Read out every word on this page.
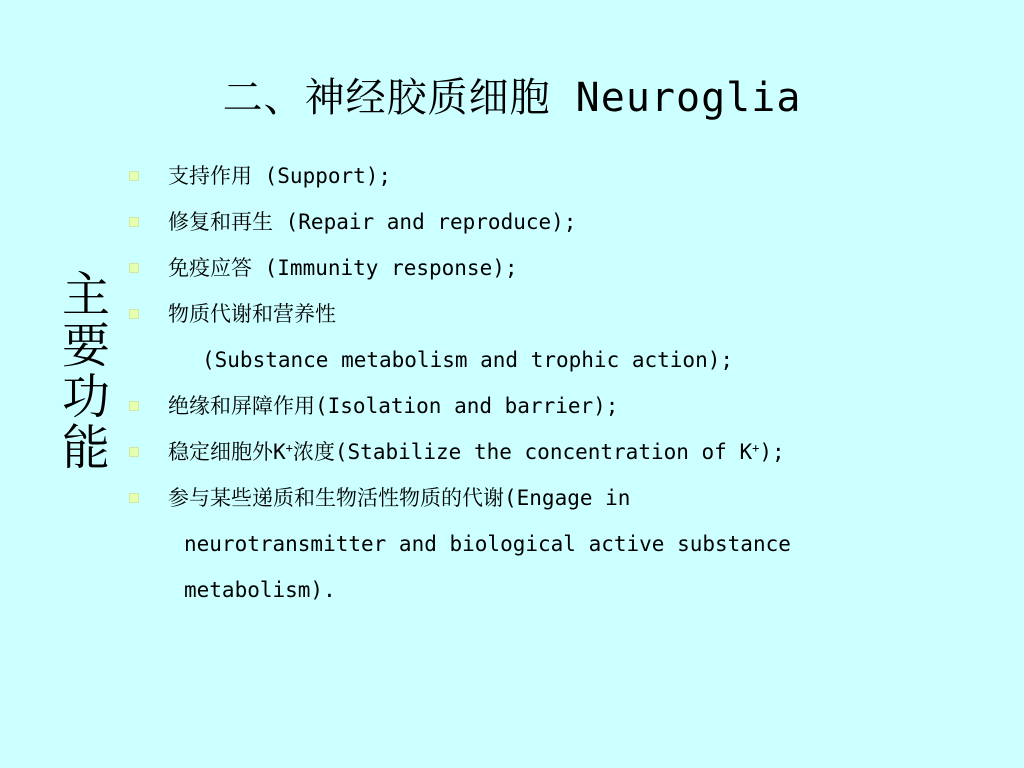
二、神经胶质细胞 Neuroglia
主
要
功
能
支持作用 (Support);
修复和再生 (Repair and reproduce);
免疫应答 (Immunity response);
物质代谢和营养性
(Substance metabolism and trophic action);
绝缘和屏障作用(Isolation and barrier);
稳定细胞外K+浓度(Stabilize the concentration of K+);
参与某些递质和生物活性物质的代谢(Engage in
neurotransmitter and biological active substance
metabolism).
